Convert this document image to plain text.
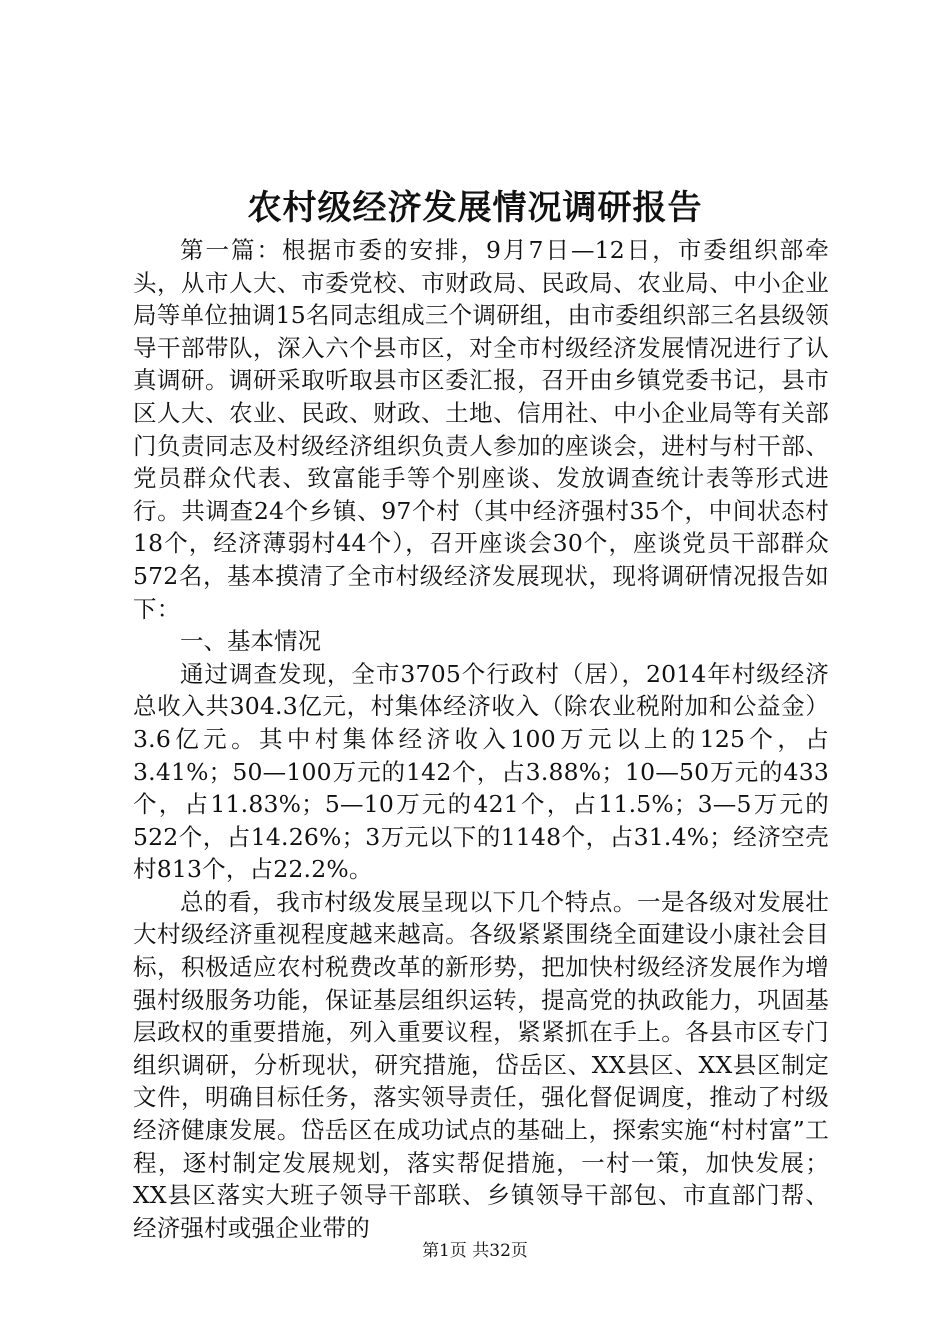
农村级经济发展情况调研报告

第一篇：根据市委的安排，9月7日—12日，市委组织部牵头，从市人大、市委党校、市财政局、民政局、农业局、中小企业局等单位抽调15名同志组成三个调研组，由市委组织部三名县级领导干部带队，深入六个县市区，对全市村级经济发展情况进行了认真调研。调研采取听取县市区委汇报，召开由乡镇党委书记，县市区人大、农业、民政、财政、土地、信用社、中小企业局等有关部门负责同志及村级经济组织负责人参加的座谈会，进村与村干部、党员群众代表、致富能手等个别座谈、发放调查统计表等形式进行。共调查24个乡镇、97个村（其中经济强村35个，中间状态村18个，经济薄弱村44个），召开座谈会30个，座谈党员干部群众572名，基本摸清了全市村级经济发展现状，现将调研情况报告如下：

一、基本情况

通过调查发现，全市3705个行政村（居），2014年村级经济总收入共304.3亿元，村集体经济收入（除农业税附加和公益金）3.6亿元。其中村集体经济收入100万元以上的125个，占3.41%；50—100万元的142个，占3.88%；10—50万元的433个，占11.83%；5—10万元的421个，占11.5%；3—5万元的522个，占14.26%；3万元以下的1148个，占31.4%；经济空壳村813个，占22.2%。

总的看，我市村级发展呈现以下几个特点。一是各级对发展壮大村级经济重视程度越来越高。各级紧紧围绕全面建设小康社会目标，积极适应农村税费改革的新形势，把加快村级经济发展作为增强村级服务功能，保证基层组织运转，提高党的执政能力，巩固基层政权的重要措施，列入重要议程，紧紧抓在手上。各县市区专门组织调研，分析现状，研究措施，岱岳区、XX县区、XX县区制定文件，明确目标任务，落实领导责任，强化督促调度，推动了村级经济健康发展。岱岳区在成功试点的基础上，探索实施“村村富”工程，逐村制定发展规划，落实帮促措施，一村一策，加快发展；XX县区落实大班子领导干部联、乡镇领导干部包、市直部门帮、经济强村或强企业带的

第1页 共32页
